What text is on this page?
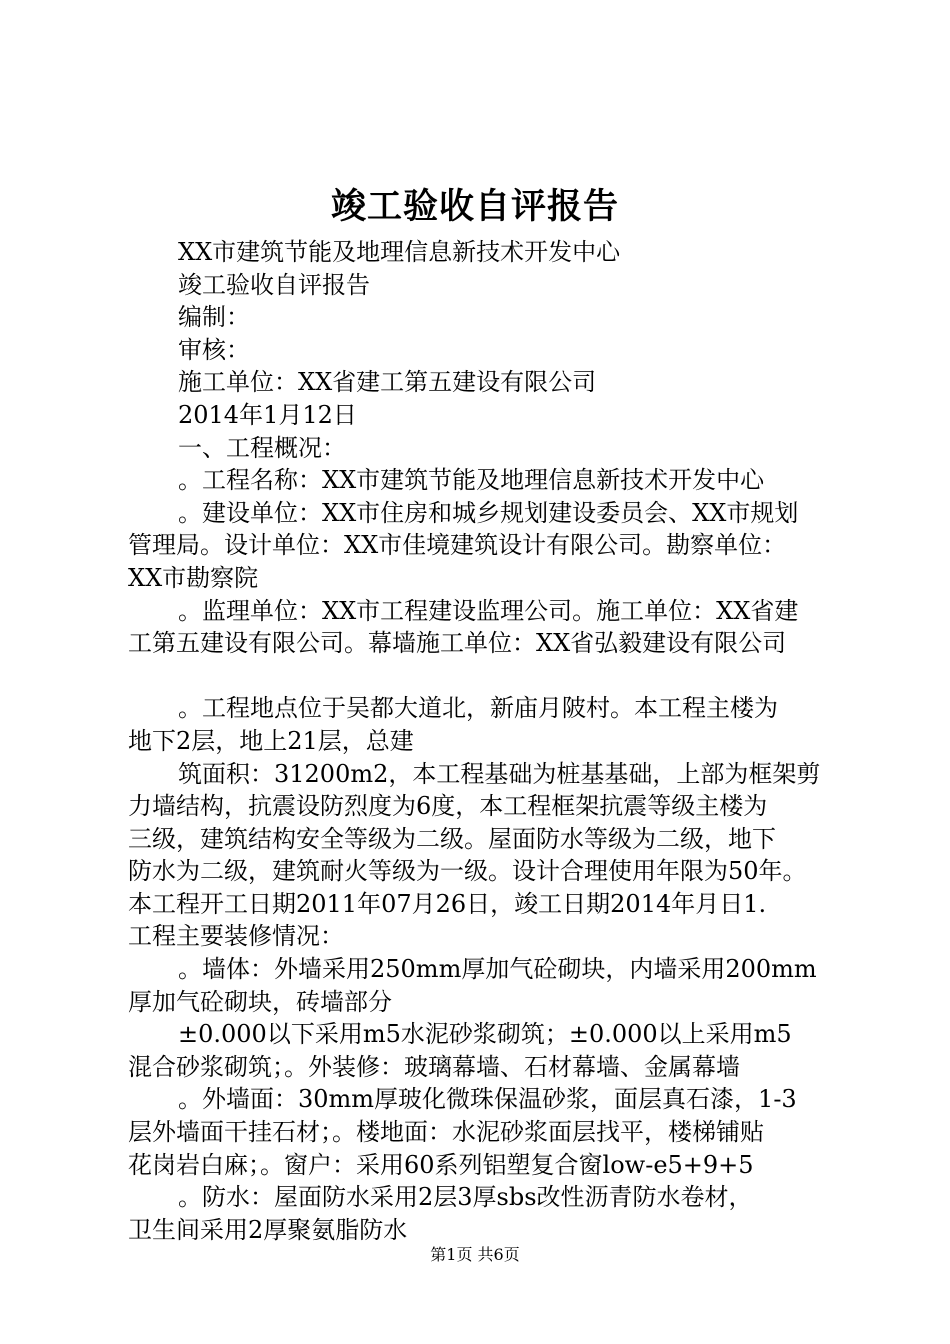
竣工验收自评报告

XX市建筑节能及地理信息新技术开发中心

竣工验收自评报告

编制：

审核：

施工单位：XX省建工第五建设有限公司

2014年1月12日

一、工程概况：

。工程名称：XX市建筑节能及地理信息新技术开发中心

。建设单位：XX市住房和城乡规划建设委员会、XX市规划

管理局。设计单位：XX市佳境建筑设计有限公司。勘察单位：

XX市勘察院

。监理单位：XX市工程建设监理公司。施工单位：XX省建

工第五建设有限公司。幕墙施工单位：XX省弘毅建设有限公司

。工程地点位于吴都大道北，新庙月陂村。本工程主楼为

地下2层，地上21层，总建

筑面积：31200m2，本工程基础为桩基基础，上部为框架剪

力墙结构，抗震设防烈度为6度，本工程框架抗震等级主楼为

三级，建筑结构安全等级为二级。屋面防水等级为二级，地下

防水为二级，建筑耐火等级为一级。设计合理使用年限为50年。

本工程开工日期2011年07月26日，竣工日期2014年月日1.

工程主要装修情况：

。墙体：外墙采用250mm厚加气砼砌块，内墙采用200mm

厚加气砼砌块，砖墙部分

±0.000以下采用m5水泥砂浆砌筑；±0.000以上采用m5

混合砂浆砌筑；。外装修：玻璃幕墙、石材幕墙、金属幕墙

。外墙面：30mm厚玻化微珠保温砂浆，面层真石漆，1-3

层外墙面干挂石材；。楼地面：水泥砂浆面层找平，楼梯铺贴

花岗岩白麻；。窗户：采用60系列铝塑复合窗low-e5+9+5

。防水：屋面防水采用2层3厚sbs改性沥青防水卷材，

卫生间采用2厚聚氨脂防水

第1页 共6页
